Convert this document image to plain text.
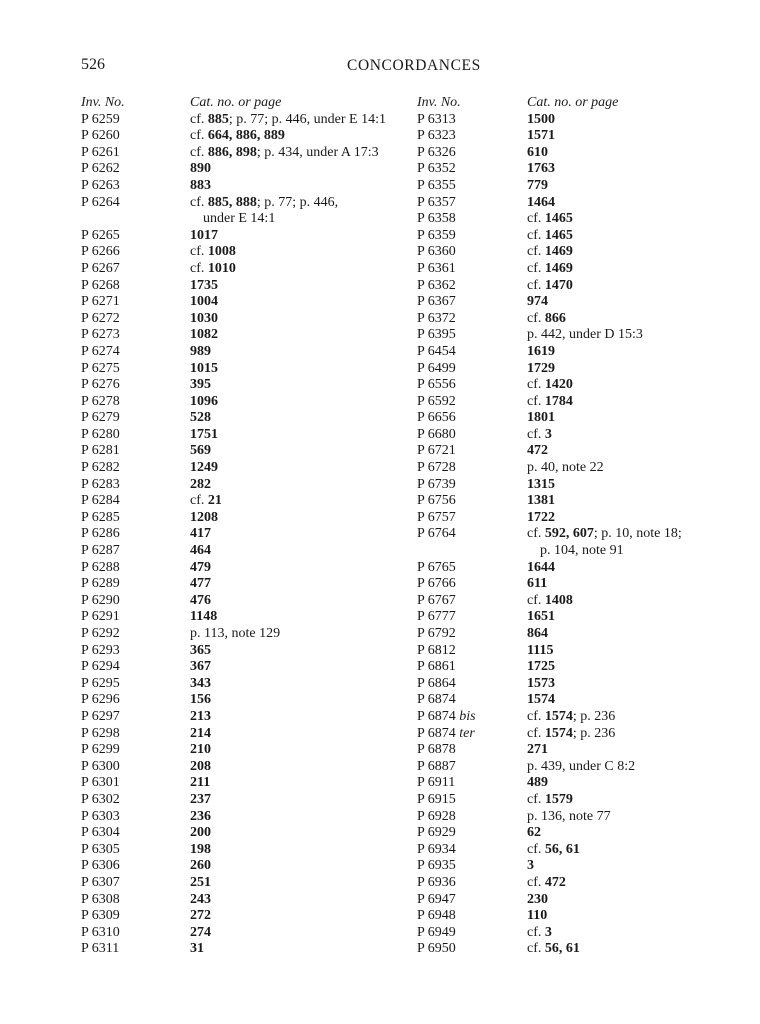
526	CONCORDANCES
Inv. No.	Cat. no. or page
P 6259	cf. 885; p. 77; p. 446, under E 14:1
P 6260	cf. 664, 886, 889
P 6261	cf. 886, 898; p. 434, under A 17:3
P 6262	890
P 6263	883
P 6264	cf. 885, 888; p. 77; p. 446,
under E 14:1
P 6265	1017
P 6266	cf. 1008
P 6267	cf. 1010
P 6268	1735
P 6271	1004
P 6272	1030
P 6273	1082
P 6274	989
P 6275	1015
P 6276	395
P 6278	1096
P 6279	528
P 6280	1751
P 6281	569
P 6282	1249
P 6283	282
P 6284	cf. 21
P 6285	1208
P 6286	417
P 6287	464
P 6288	479
P 6289	477
P 6290	476
P 6291	1148
P 6292	p. 113, note 129
P 6293	365
P 6294	367
P 6295	343
P 6296	156
P 6297	213
P 6298	214
P 6299	210
P 6300	208
P 6301	211
P 6302	237
P 6303	236
P 6304	200
P 6305	198
P 6306	260
P 6307	251
P 6308	243
P 6309	272
P 6310	274
P 6311	31
Inv. No.	Cat. no. or page
P 6313	1500
P 6323	1571
P 6326	610
P 6352	1763
P 6355	779
P 6357	1464
P 6358	cf. 1465
P 6359	cf. 1465
P 6360	cf. 1469
P 6361	cf. 1469
P 6362	cf. 1470
P 6367	974
P 6372	cf. 866
P 6395	p. 442, under D 15:3
P 6454	1619
P 6499	1729
P 6556	cf. 1420
P 6592	cf. 1784
P 6656	1801
P 6680	cf. 3
P 6721	472
P 6728	p. 40, note 22
P 6739	1315
P 6756	1381
P 6757	1722
P 6764	cf. 592, 607; p. 10, note 18;
p. 104, note 91
P 6765	1644
P 6766	611
P 6767	cf. 1408
P 6777	1651
P 6792	864
P 6812	1115
P 6861	1725
P 6864	1573
P 6874	1574
P 6874 bis	cf. 1574; p. 236
P 6874 ter	cf. 1574; p. 236
P 6878	271
P 6887	p. 439, under C 8:2
P 6911	489
P 6915	cf. 1579
P 6928	p. 136, note 77
P 6929	62
P 6934	cf. 56, 61
P 6935	3
P 6936	cf. 472
P 6947	230
P 6948	110
P 6949	cf. 3
P 6950	cf. 56, 61
